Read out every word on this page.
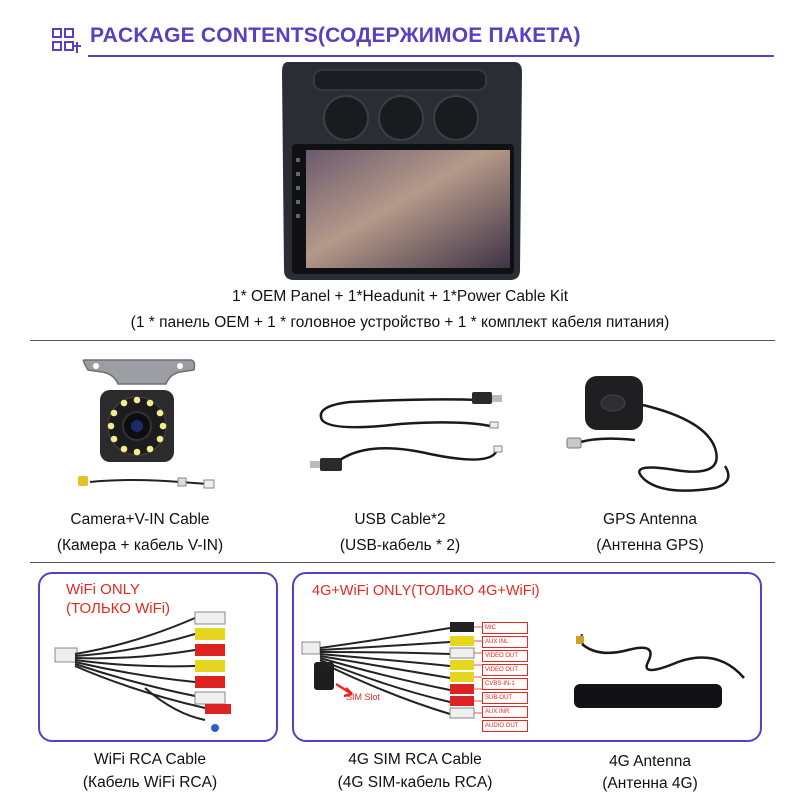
PACKAGE CONTENTS(СОДЕРЖИМОЕ ПАКЕТА)
1* OEM Panel + 1*Headunit + 1*Power Cable Kit
(1 * панель OEM + 1 * головное устройство + 1 * комплект кабеля питания)
Camera+V-IN Cable
(Камера + кабель V-IN)
USB Cable*2
(USB-кабель * 2)
GPS Antenna
(Антенна GPS)
WiFi ONLY
(ТОЛЬКО WiFi)
WiFi RCA Cable
(Кабель WiFi RCA)
4G+WiFi ONLY(ТОЛЬКО 4G+WiFi)
SIM Slot
MIC
AUX INL
VIDEO OUT
VIDEO OUT
CVBS-IN-1
SUB-OUT
AUX INR
AUDIO OUT
4G SIM RCA Cable
(4G SIM-кабель RCA)
4G Antenna
(Антенна 4G)
